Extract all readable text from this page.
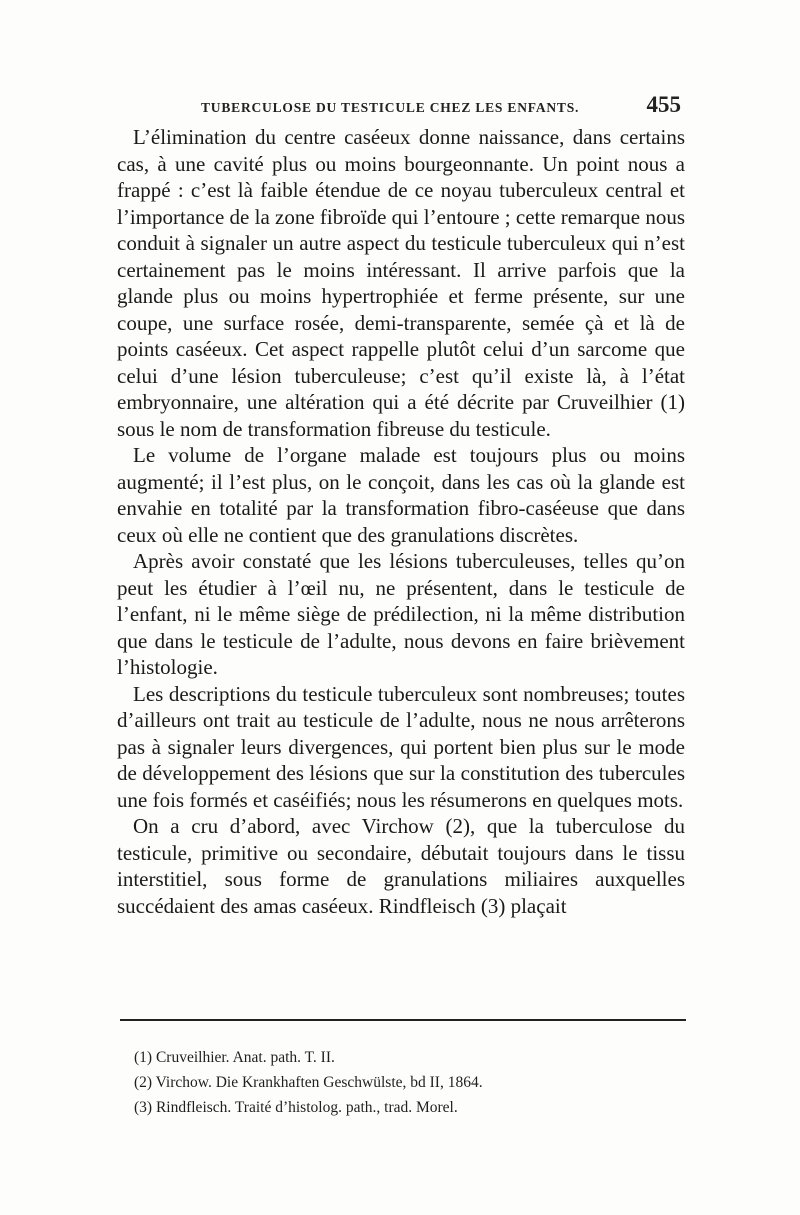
TUBERCULOSE DU TESTICULE CHEZ LES ENFANTS.	455

L’élimination du centre caséeux donne naissance, dans certains cas, à une cavité plus ou moins bourgeonnante. Un point nous a frappé : c’est là faible étendue de ce noyau tuberculeux central et l’importance de la zone fibroïde qui l’entoure ; cette remarque nous conduit à signaler un autre aspect du testicule tuberculeux qui n’est certainement pas le moins intéressant. Il arrive parfois que la glande plus ou moins hypertrophiée et ferme présente, sur une coupe, une surface rosée, demi-transparente, semée çà et là de points caséeux. Cet aspect rappelle plutôt celui d’un sarcome que celui d’une lésion tuberculeuse; c’est qu’il existe là, à l’état embryonnaire, une altération qui a été décrite par Cruveilhier (1) sous le nom de transformation fibreuse du testicule.

Le volume de l’organe malade est toujours plus ou moins augmenté; il l’est plus, on le conçoit, dans les cas où la glande est envahie en totalité par la transformation fibro-caséeuse que dans ceux où elle ne contient que des granulations discrètes.

Après avoir constaté que les lésions tuberculeuses, telles qu’on peut les étudier à l’œil nu, ne présentent, dans le testicule de l’enfant, ni le même siège de prédilection, ni la même distribution que dans le testicule de l’adulte, nous devons en faire brièvement l’histologie.

Les descriptions du testicule tuberculeux sont nombreuses; toutes d’ailleurs ont trait au testicule de l’adulte, nous ne nous arrêterons pas à signaler leurs divergences, qui portent bien plus sur le mode de développement des lésions que sur la constitution des tubercules une fois formés et caséifiés; nous les résumerons en quelques mots.

On a cru d’abord, avec Virchow (2), que la tuberculose du testicule, primitive ou secondaire, débutait toujours dans le tissu interstitiel, sous forme de granulations miliaires auxquelles succédaient des amas caséeux. Rindfleisch (3) plaçait

(1) Cruveilhier. Anat. path. T. II.
(2) Virchow. Die Krankhaften Geschwülste, bd II, 1864.
(3) Rindfleisch. Traité d’histolog. path., trad. Morel.
